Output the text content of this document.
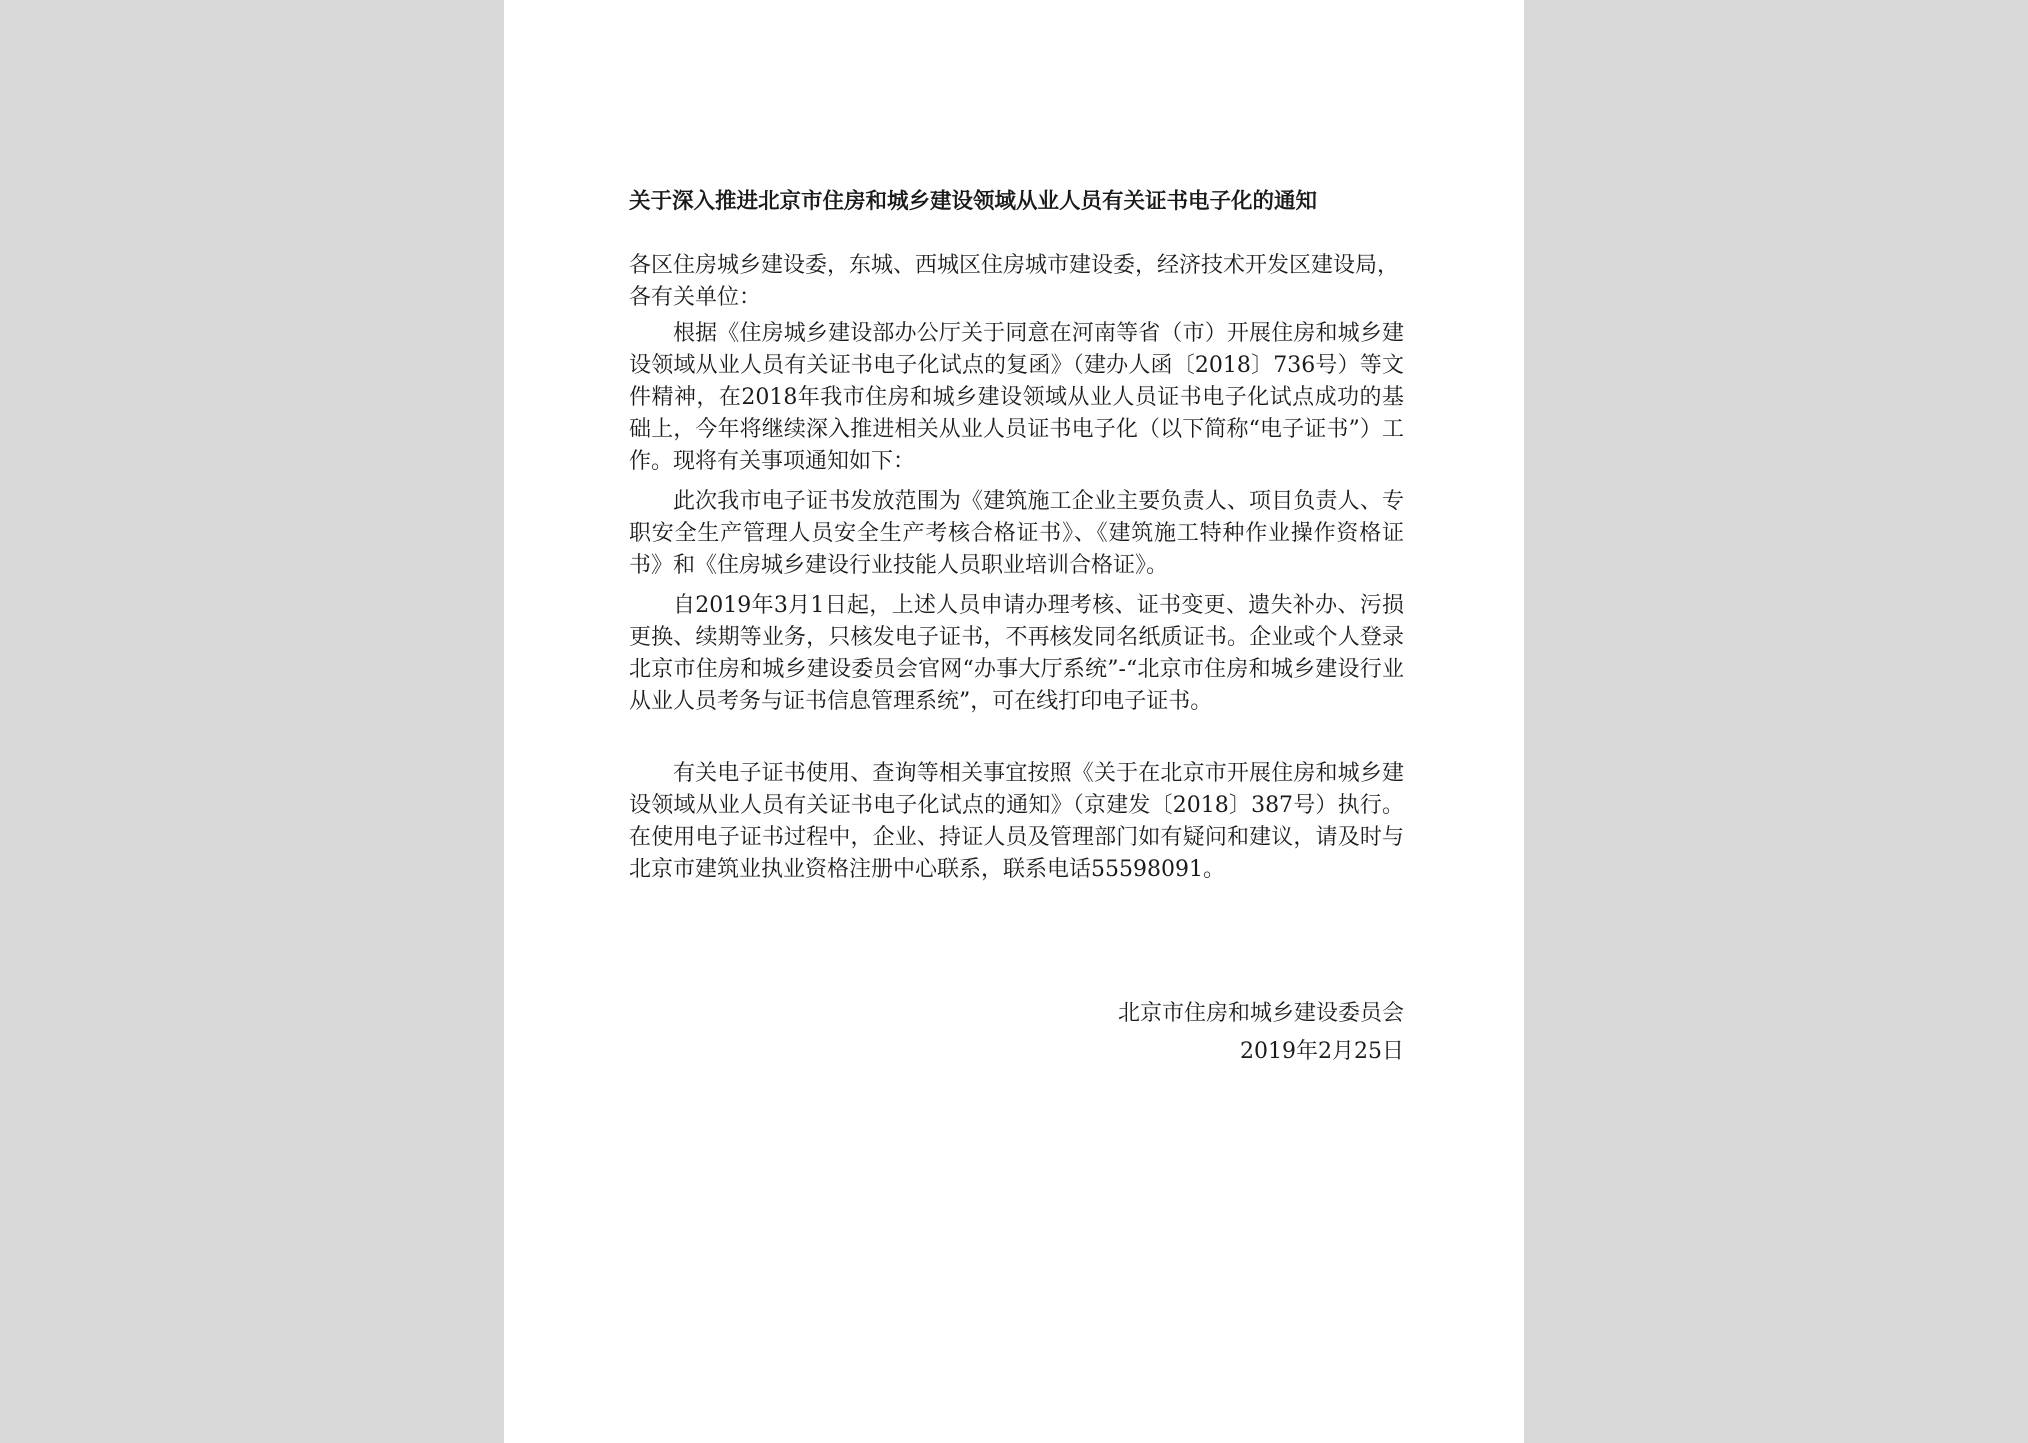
关于深入推进北京市住房和城乡建设领域从业人员有关证书电子化的通知
各区住房城乡建设委，东城、西城区住房城市建设委，经济技术开发区建设局，各有关单位：
根据《住房城乡建设部办公厅关于同意在河南等省（市）开展住房和城乡建设领域从业人员有关证书电子化试点的复函》（建办人函〔2018〕736号）等文件精神，在2018年我市住房和城乡建设领域从业人员证书电子化试点成功的基础上，今年将继续深入推进相关从业人员证书电子化（以下简称“电子证书”）工作。现将有关事项通知如下：
此次我市电子证书发放范围为《建筑施工企业主要负责人、项目负责人、专职安全生产管理人员安全生产考核合格证书》、《建筑施工特种作业操作资格证书》和《住房城乡建设行业技能人员职业培训合格证》。
自2019年3月1日起，上述人员申请办理考核、证书变更、遗失补办、污损更换、续期等业务，只核发电子证书，不再核发同名纸质证书。企业或个人登录北京市住房和城乡建设委员会官网“办事大厅系统”-“北京市住房和城乡建设行业从业人员考务与证书信息管理系统”，可在线打印电子证书。
有关电子证书使用、查询等相关事宜按照《关于在北京市开展住房和城乡建设领域从业人员有关证书电子化试点的通知》（京建发〔2018〕387号）执行。在使用电子证书过程中，企业、持证人员及管理部门如有疑问和建议，请及时与北京市建筑业执业资格注册中心联系，联系电话55598091。
北京市住房和城乡建设委员会
2019年2月25日
